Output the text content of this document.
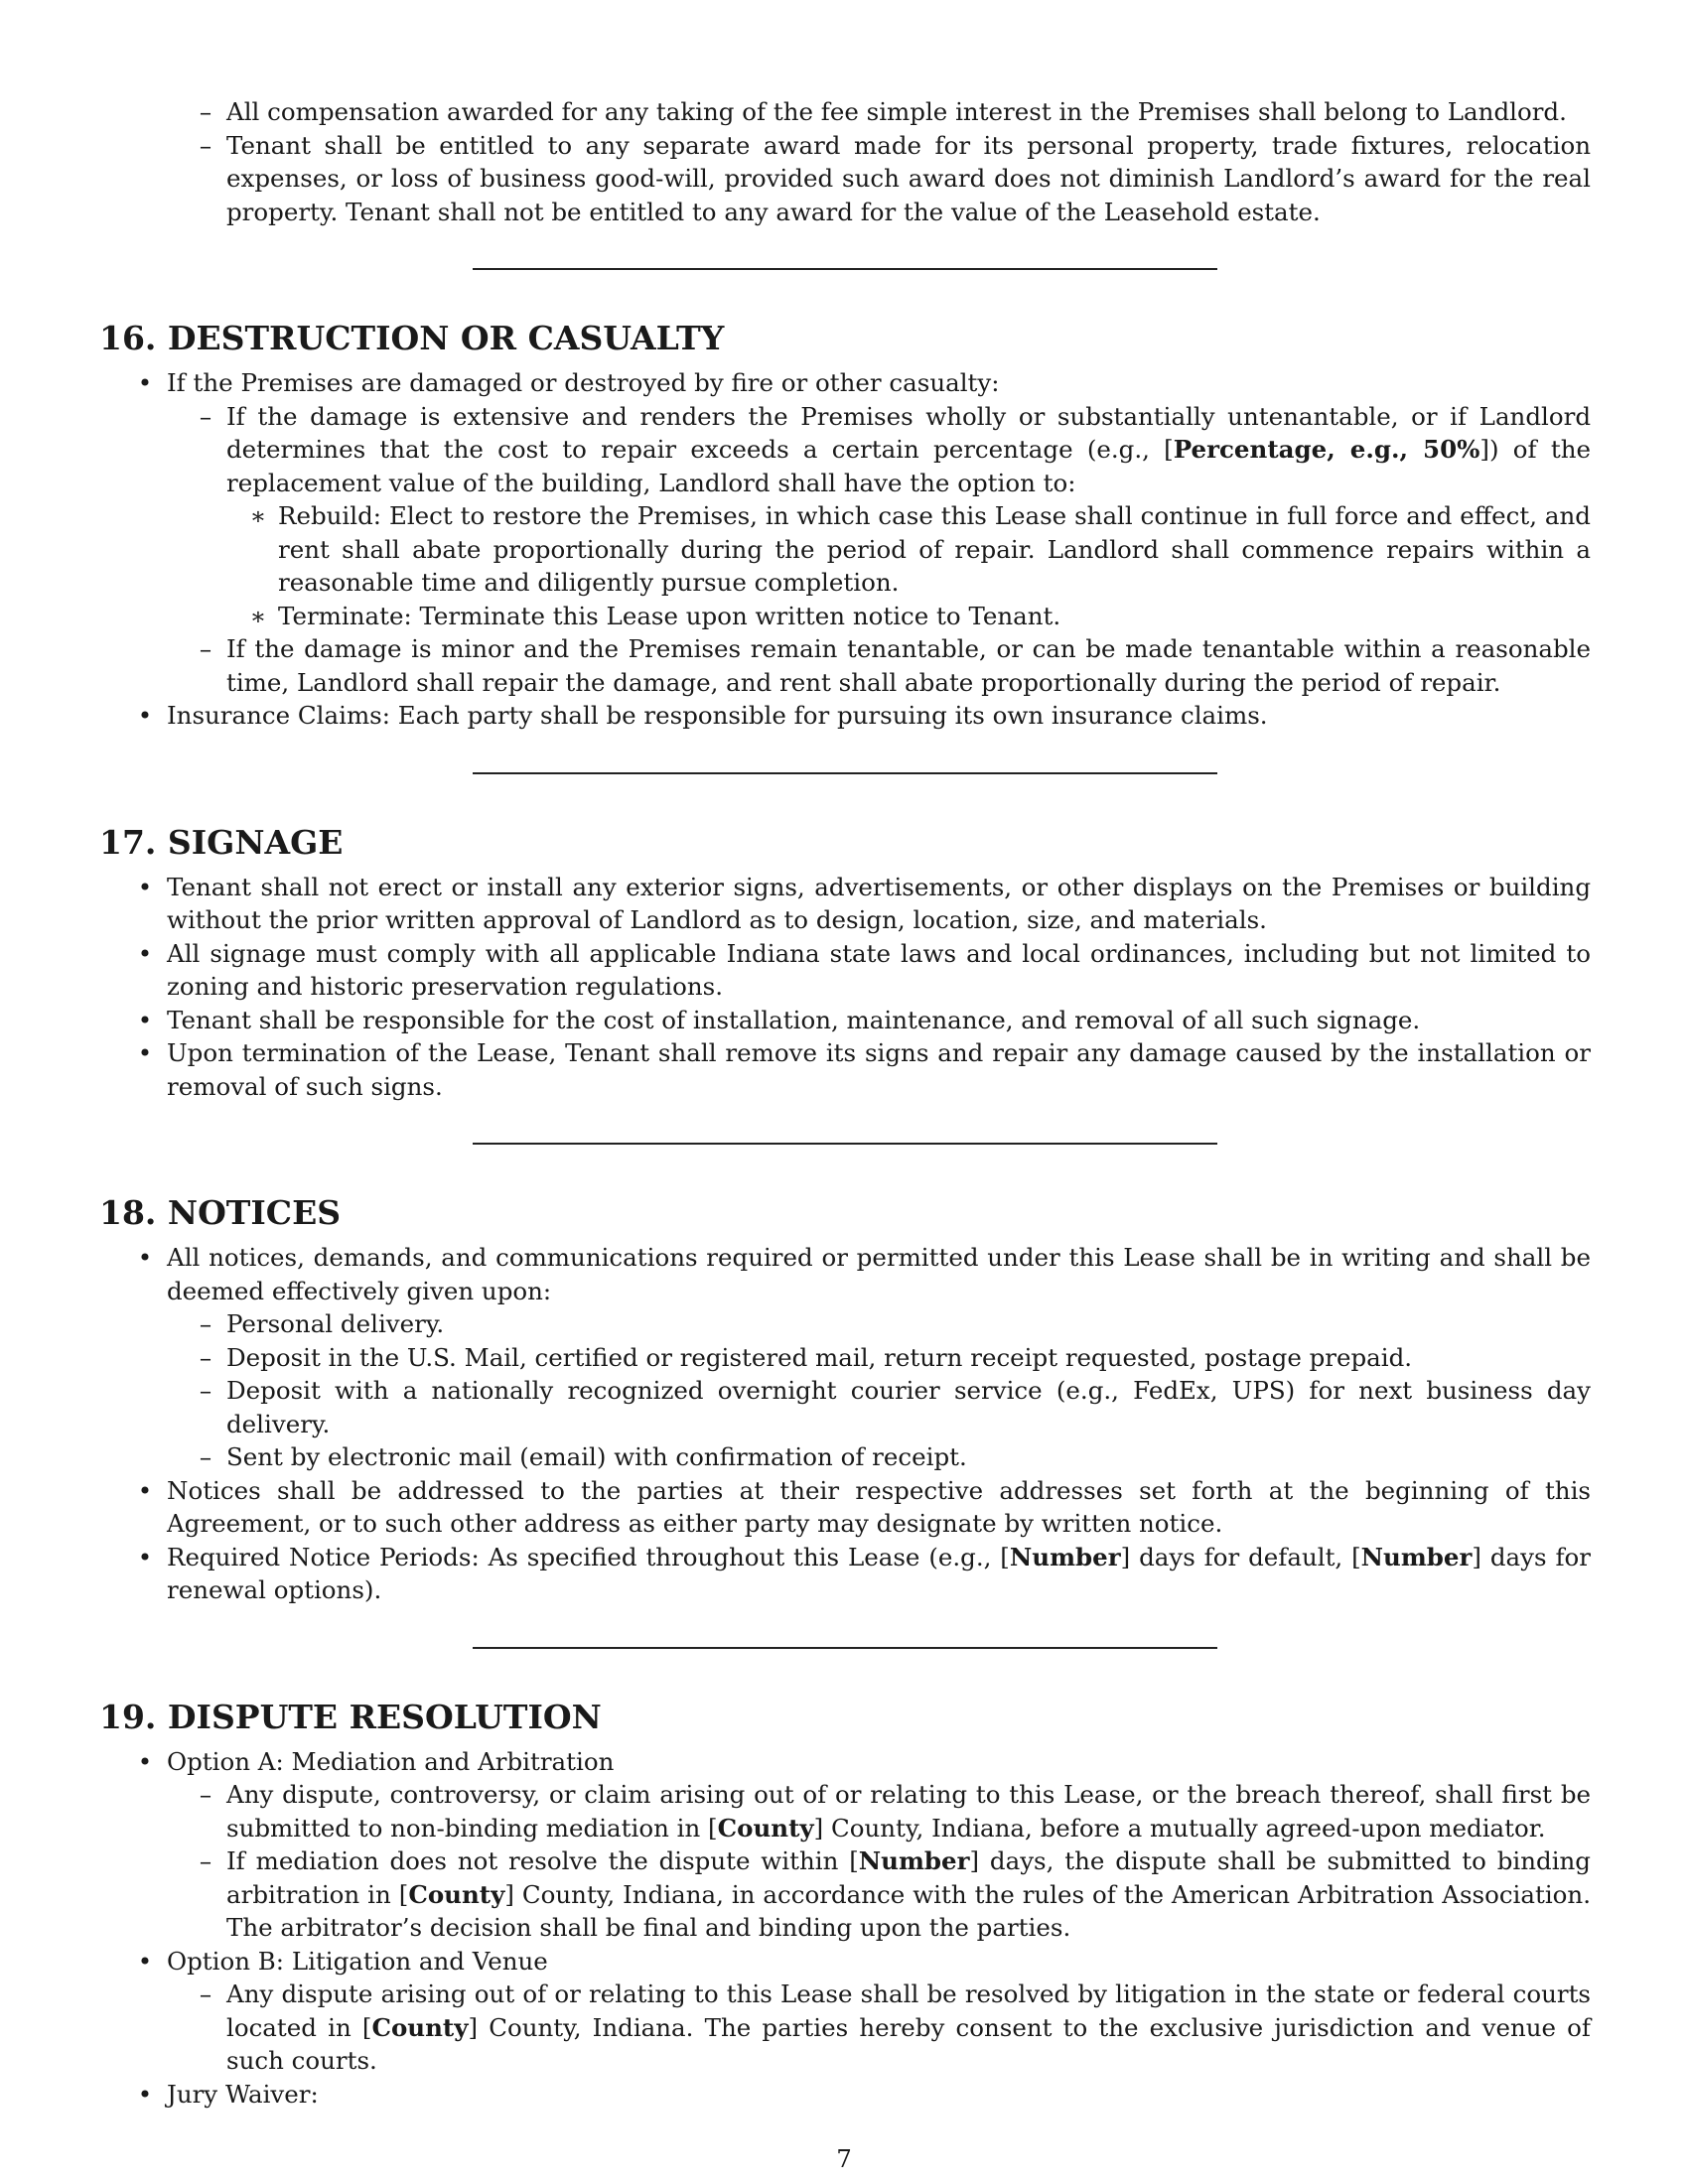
– All compensation awarded for any taking of the fee simple interest in the Premises shall belong to Landlord.
– Tenant shall be entitled to any separate award made for its personal property, trade fixtures, relocation expenses, or loss of business good-will, provided such award does not diminish Landlord’s award for the real property. Tenant shall not be entitled to any award for the value of the Leasehold estate.
16. DESTRUCTION OR CASUALTY
• If the Premises are damaged or destroyed by fire or other casualty:
– If the damage is extensive and renders the Premises wholly or substantially untenantable, or if Landlord determines that the cost to repair exceeds a certain percentage (e.g., [Percentage, e.g., 50%]) of the replacement value of the building, Landlord shall have the option to:
∗ Rebuild: Elect to restore the Premises, in which case this Lease shall continue in full force and effect, and rent shall abate proportionally during the period of repair. Landlord shall commence repairs within a reasonable time and diligently pursue completion.
∗ Terminate: Terminate this Lease upon written notice to Tenant.
– If the damage is minor and the Premises remain tenantable, or can be made tenantable within a reasonable time, Landlord shall repair the damage, and rent shall abate proportionally during the period of repair.
• Insurance Claims: Each party shall be responsible for pursuing its own insurance claims.
17. SIGNAGE
• Tenant shall not erect or install any exterior signs, advertisements, or other displays on the Premises or building without the prior written approval of Landlord as to design, location, size, and materials.
• All signage must comply with all applicable Indiana state laws and local ordinances, including but not limited to zoning and historic preservation regulations.
• Tenant shall be responsible for the cost of installation, maintenance, and removal of all such signage.
• Upon termination of the Lease, Tenant shall remove its signs and repair any damage caused by the installation or removal of such signs.
18. NOTICES
• All notices, demands, and communications required or permitted under this Lease shall be in writing and shall be deemed effectively given upon:
– Personal delivery.
– Deposit in the U.S. Mail, certified or registered mail, return receipt requested, postage prepaid.
– Deposit with a nationally recognized overnight courier service (e.g., FedEx, UPS) for next business day delivery.
– Sent by electronic mail (email) with confirmation of receipt.
• Notices shall be addressed to the parties at their respective addresses set forth at the beginning of this Agreement, or to such other address as either party may designate by written notice.
• Required Notice Periods: As specified throughout this Lease (e.g., [Number] days for default, [Number] days for renewal options).
19. DISPUTE RESOLUTION
• Option A: Mediation and Arbitration
– Any dispute, controversy, or claim arising out of or relating to this Lease, or the breach thereof, shall first be submitted to non-binding mediation in [County] County, Indiana, before a mutually agreed-upon mediator.
– If mediation does not resolve the dispute within [Number] days, the dispute shall be submitted to binding arbitration in [County] County, Indiana, in accordance with the rules of the American Arbitration Association. The arbitrator’s decision shall be final and binding upon the parties.
• Option B: Litigation and Venue
– Any dispute arising out of or relating to this Lease shall be resolved by litigation in the state or federal courts located in [County] County, Indiana. The parties hereby consent to the exclusive jurisdiction and venue of such courts.
• Jury Waiver:
7
